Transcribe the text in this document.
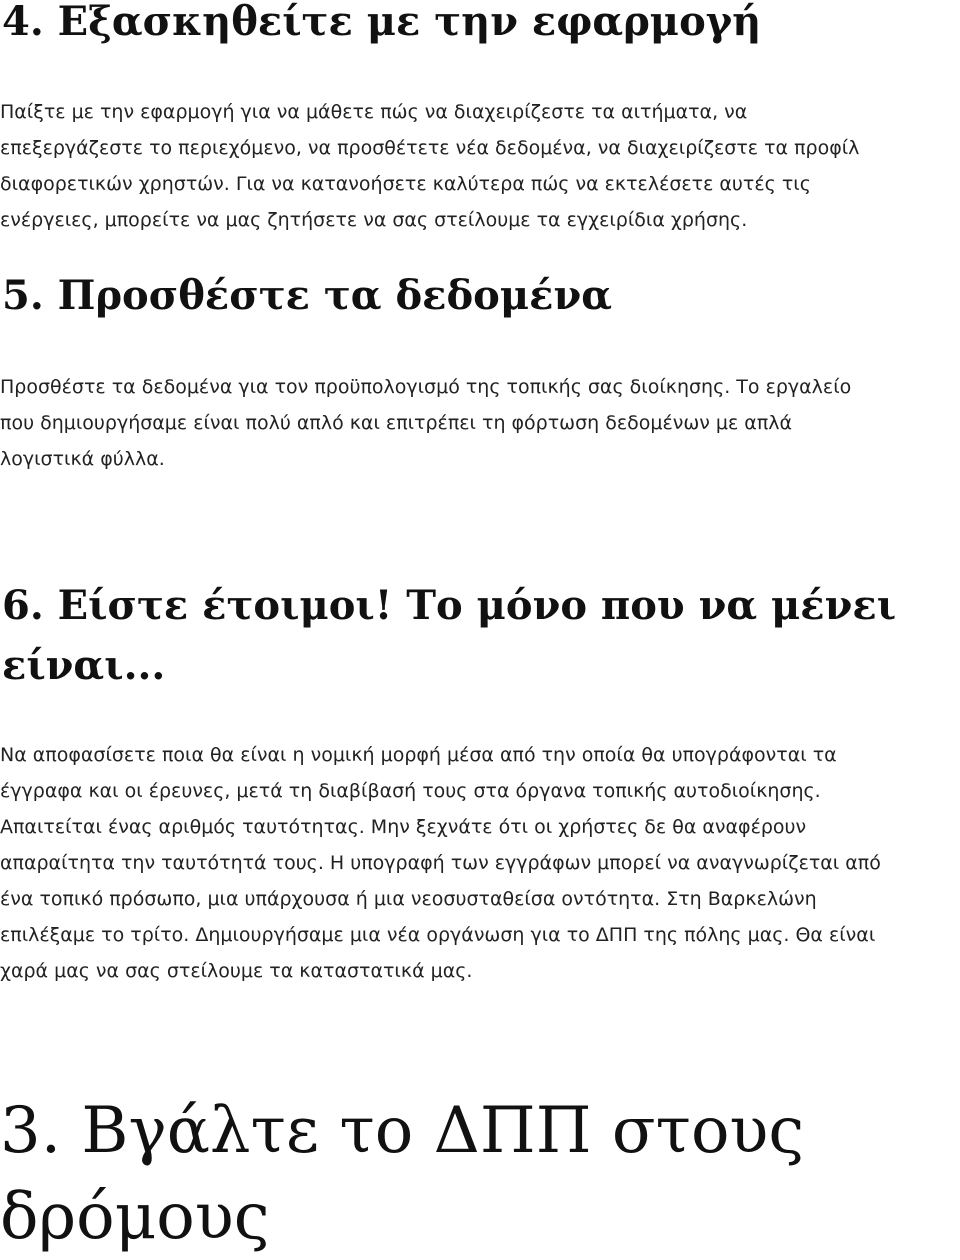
4. Εξασκηθείτε με την εφαρμογή
Παίξτε με την εφαρμογή για να μάθετε πώς να διαχειρίζεστε τα αιτήματα, να
επεξεργάζεστε το περιεχόμενο, να προσθέτετε νέα δεδομένα, να διαχειρίζεστε τα προφίλ
διαφορετικών χρηστών. Για να κατανοήσετε καλύτερα πώς να εκτελέσετε αυτές τις
ενέργειες, μπορείτε να μας ζητήσετε να σας στείλουμε τα εγχειρίδια χρήσης.
5. Προσθέστε τα δεδομένα
Προσθέστε τα δεδομένα για τον προϋπολογισμό της τοπικής σας διοίκησης. Το εργαλείο
που δημιουργήσαμε είναι πολύ απλό και επιτρέπει τη φόρτωση δεδομένων με απλά
λογιστικά φύλλα.
6. Είστε έτοιμοι! Το μόνο που να μένει
είναι...
Να αποφασίσετε ποια θα είναι η νομική μορφή μέσα από την οποία θα υπογράφονται τα
έγγραφα και οι έρευνες, μετά τη διαβίβασή τους στα όργανα τοπικής αυτοδιοίκησης.
Απαιτείται ένας αριθμός ταυτότητας. Μην ξεχνάτε ότι οι χρήστες δε θα αναφέρουν
απαραίτητα την ταυτότητά τους. Η υπογραφή των εγγράφων μπορεί να αναγνωρίζεται από
ένα τοπικό πρόσωπο, μια υπάρχουσα ή μια νεοσυσταθείσα οντότητα. Στη Βαρκελώνη
επιλέξαμε το τρίτο. Δημιουργήσαμε μια νέα οργάνωση για το ΔΠΠ της πόλης μας. Θα είναι
χαρά μας να σας στείλουμε τα καταστατικά μας.
3. Βγάλτε το ΔΠΠ στους
δρόμους
